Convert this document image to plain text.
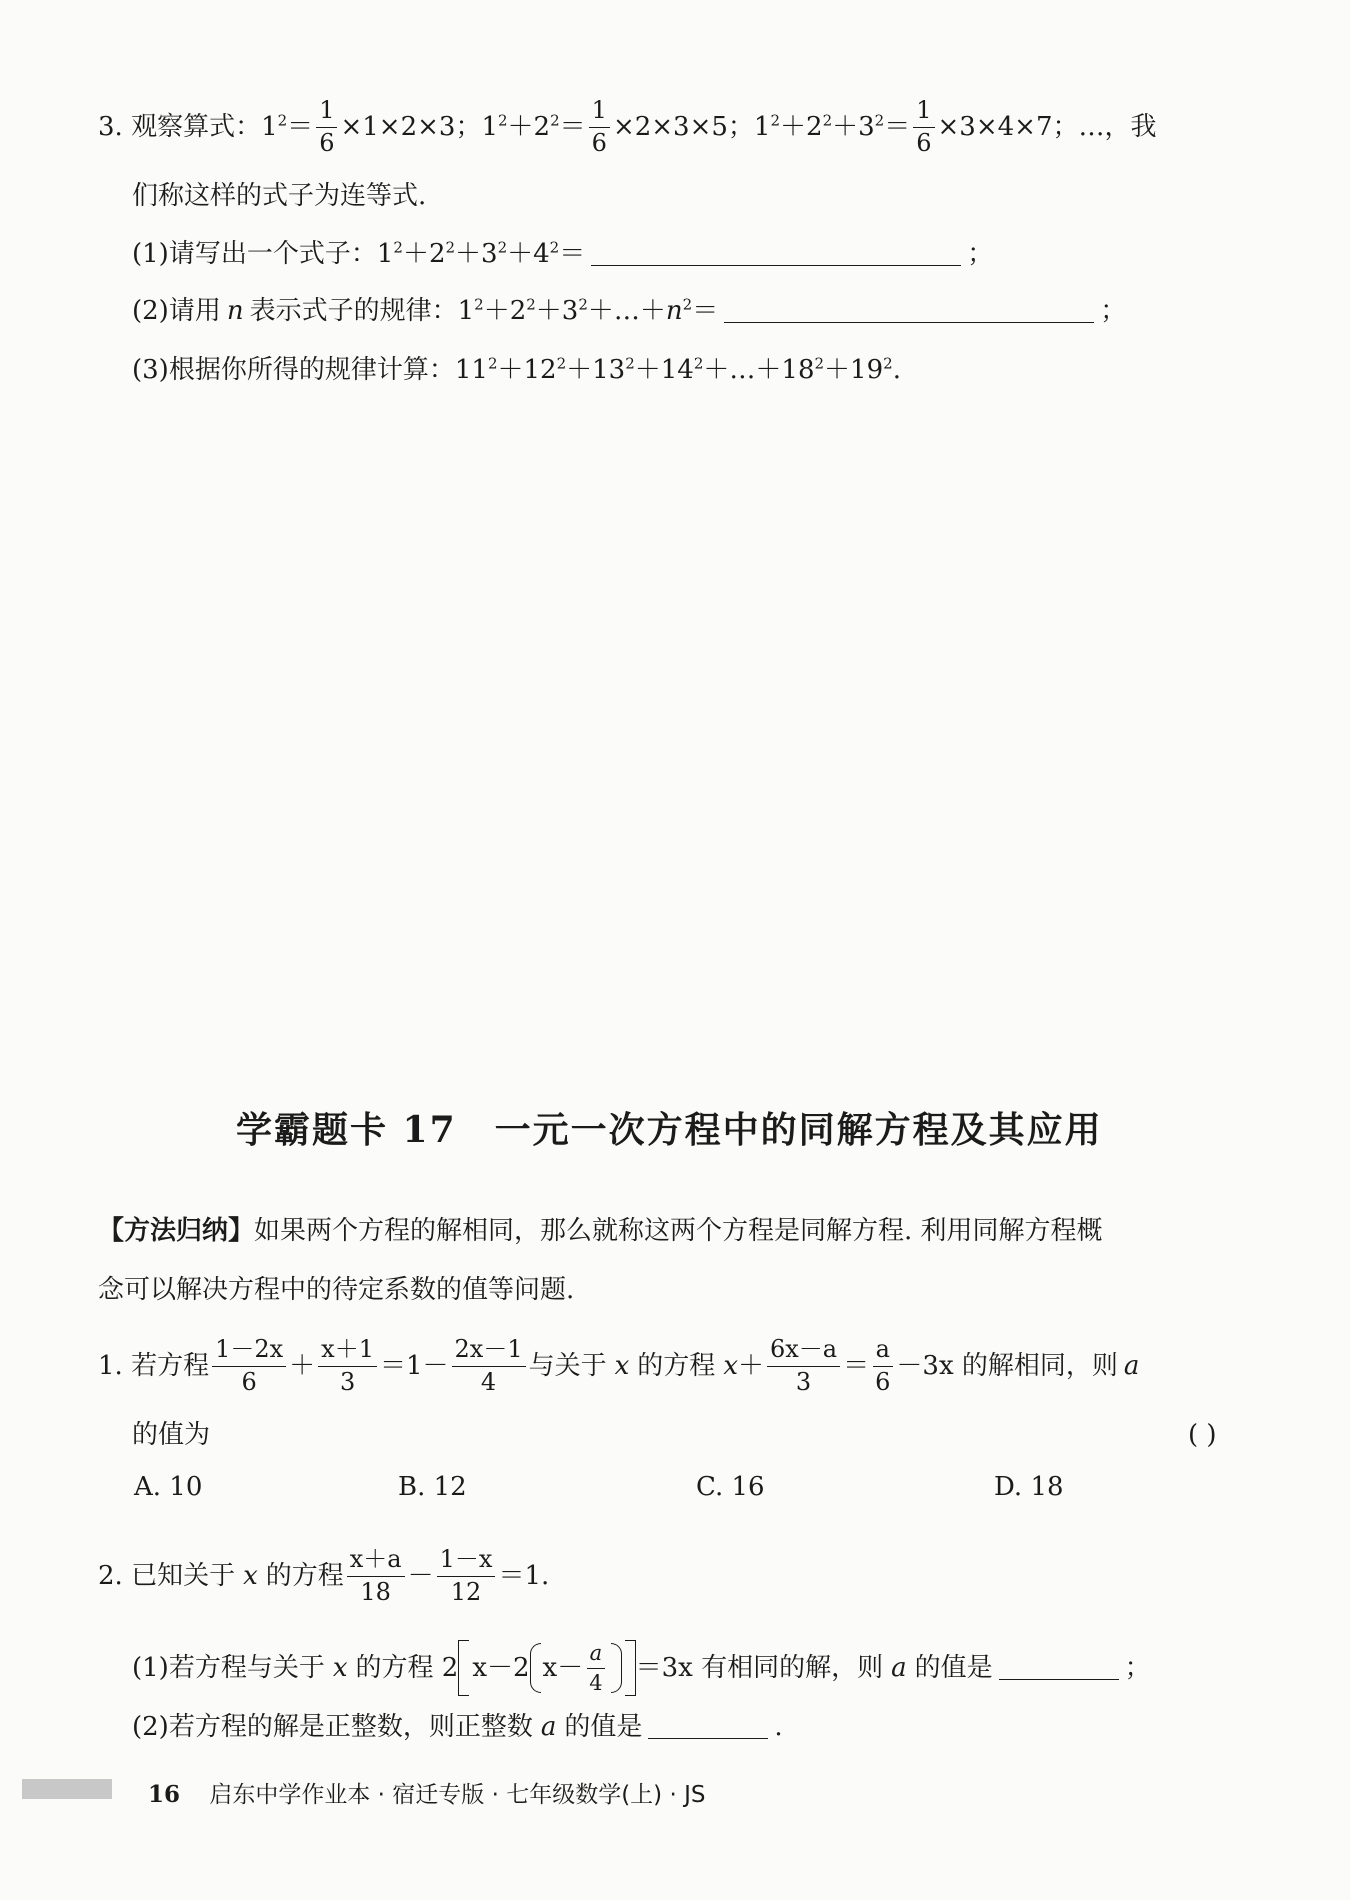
3. 观察算式： $1^2= \frac{1}{6} \times 1\times 2\times 3$； $1^2+2^2= \frac{1}{6} \times 2\times 3\times 5$； $1^2+2^2+3^2= \frac{1}{6} \times 3\times 4\times 7$；…，我
们称这样的式子为连等式.
(1)请写出一个式子： $1^2+2^2+3^2+4^2=$	；
(2)请用 n 表示式子的规律： $1^2+2^2+3^2+\dots+n^2=$	；
(3)根据你所得的规律计算： $11^2+12^2+13^2+14^2+\dots+18^2+19^2$.
学霸题卡 17 一元一次方程中的同解方程及其应用
【方法归纳】 如果两个方程的解相同，那么就称这两个方程是同解方程. 利用同解方程概
念可以解决方程中的待定系数的值等问题.
1. 若方程 $\frac{1-2x}{6} + \frac{x+1}{3} =1- \frac{2x-1}{4}$ 与关于 x 的方程 $x + \frac{6x-a}{3} = \frac{a}{6} -3x$ 的解相同，则 a
的值为	( )
A. 10	B. 12	C. 16	D. 18
2. 已知关于 x 的方程 $\frac{x+a}{18} - \frac{1-x}{12} =1$.
(1)若方程与关于 x 的方程 2 x－2 $x- \frac{a}{4} =3x$ 有相同的解，则 a 的值是	；
(2)若方程的解是正整数，则正整数 a 的值是	.
16 启东中学作业本 · 宿迁专版 · 七年级数学(上) · JS
